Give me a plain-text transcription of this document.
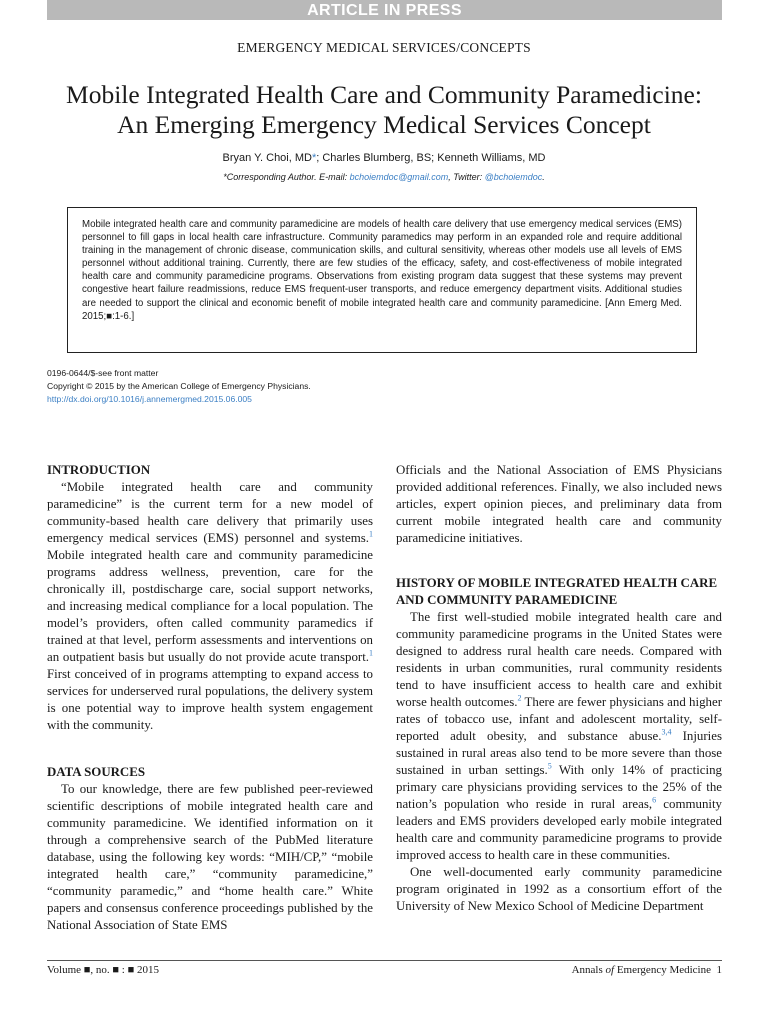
ARTICLE IN PRESS
EMERGENCY MEDICAL SERVICES/CONCEPTS
Mobile Integrated Health Care and Community Paramedicine:
An Emerging Emergency Medical Services Concept
Bryan Y. Choi, MD*; Charles Blumberg, BS; Kenneth Williams, MD
*Corresponding Author. E-mail: bchoiemdoc@gmail.com, Twitter: @bchoiemdoc.
Mobile integrated health care and community paramedicine are models of health care delivery that use emergency medical services (EMS) personnel to fill gaps in local health care infrastructure. Community paramedics may perform in an expanded role and require additional training in the management of chronic disease, communication skills, and cultural sensitivity, whereas other models use all levels of EMS personnel without additional training. Currently, there are few studies of the efficacy, safety, and cost-effectiveness of mobile integrated health care and community paramedicine programs. Observations from existing program data suggest that these systems may prevent congestive heart failure readmissions, reduce EMS frequent-user transports, and reduce emergency department visits. Additional studies are needed to support the clinical and economic benefit of mobile integrated health care and community paramedicine. [Ann Emerg Med. 2015;■:1-6.]
0196-0644/$-see front matter
Copyright © 2015 by the American College of Emergency Physicians.
http://dx.doi.org/10.1016/j.annemergmed.2015.06.005
INTRODUCTION

“Mobile integrated health care and community paramedicine” is the current term for a new model of community-based health care delivery that primarily uses emergency medical services (EMS) personnel and systems.$^1$ Mobile integrated health care and community paramedicine programs address wellness, prevention, care for the chronically ill, postdischarge care, social support networks, and increasing medical compliance for a local population. The model’s providers, often called community paramedics if trained at that level, perform assessments and interventions on an outpatient basis but usually do not provide acute transport.$^1$ First conceived of in programs attempting to expand access to services for underserved rural populations, the delivery system is one potential way to improve health system engagement with the community.

DATA SOURCES

To our knowledge, there are few published peer-reviewed scientific descriptions of mobile integrated health care and community paramedicine. We identified information on it through a comprehensive search of the PubMed literature database, using the following key words: “MIH/CP,” “mobile integrated health care,” “community paramedicine,” “community paramedic,” and “home health care.” White papers and consensus conference proceedings published by the National Association of State EMS

Officials and the National Association of EMS Physicians provided additional references. Finally, we also included news articles, expert opinion pieces, and preliminary data from current mobile integrated health care and community paramedicine initiatives.

HISTORY OF MOBILE INTEGRATED HEALTH CARE AND COMMUNITY PARAMEDICINE

The first well-studied mobile integrated health care and community paramedicine programs in the United States were designed to address rural health care needs. Compared with residents in urban communities, rural community residents tend to have insufficient access to health care and exhibit worse health outcomes.$^2$ There are fewer physicians and higher rates of tobacco use, infant and adolescent mortality, self-reported adult obesity, and substance abuse.$^{3,4}$ Injuries sustained in rural areas also tend to be more severe than those sustained in urban settings.$^5$ With only 14% of practicing primary care physicians providing services to the 25% of the nation’s population who reside in rural areas,$^6$ community leaders and EMS providers developed early mobile integrated health care and community paramedicine programs to provide improved access to health care in these communities.

One well-documented early community paramedicine program originated in 1992 as a consortium effort of the University of New Mexico School of Medicine Department

Volume ■, no. ■ : ■ 2015	Annals of Emergency Medicine 1
